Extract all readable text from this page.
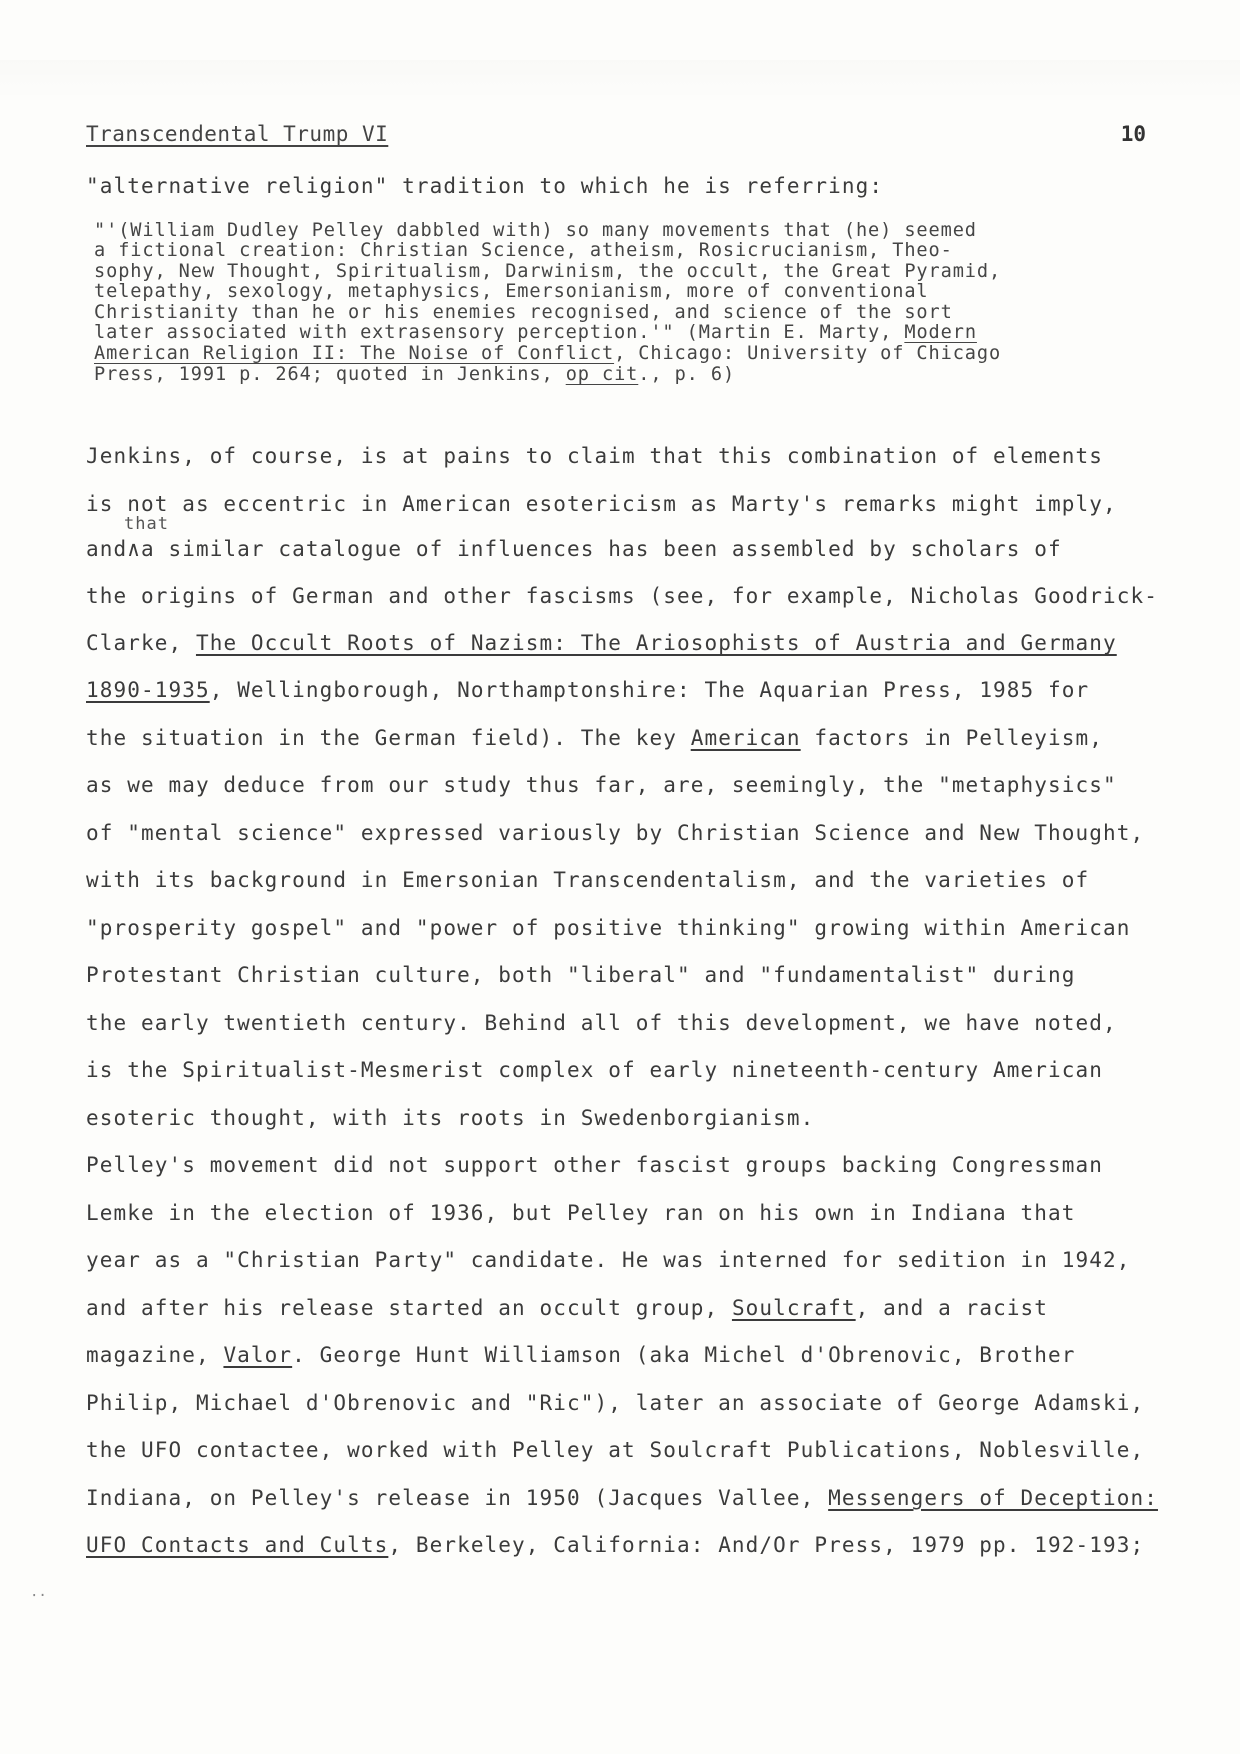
Transcendental Trump VI	10
"alternative religion" tradition to which he is referring:
"'(William Dudley Pelley dabbled with) so many movements that (he) seemed
a fictional creation: Christian Science, atheism, Rosicrucianism, Theo-
sophy, New Thought, Spiritualism, Darwinism, the occult, the Great Pyramid,
telepathy, sexology, metaphysics, Emersonianism, more of conventional
Christianity than he or his enemies recognised, and science of the sort
later associated with extrasensory perception.'" (Martin E. Marty, Modern
American Religion II: The Noise of Conflict, Chicago: University of Chicago
Press, 1991 p. 264; quoted in Jenkins, op cit., p. 6)
Jenkins, of course, is at pains to claim that this combination of elements
is not as eccentric in American esotericism as Marty's remarks might imply,
that
and∧a similar catalogue of influences has been assembled by scholars of
the origins of German and other fascisms (see, for example, Nicholas Goodrick-
Clarke, The Occult Roots of Nazism: The Ariosophists of Austria and Germany
1890-1935, Wellingborough, Northamptonshire: The Aquarian Press, 1985 for
the situation in the German field). The key American factors in Pelleyism,
as we may deduce from our study thus far, are, seemingly, the "metaphysics"
of "mental science" expressed variously by Christian Science and New Thought,
with its background in Emersonian Transcendentalism, and the varieties of
"prosperity gospel" and "power of positive thinking" growing within American
Protestant Christian culture, both "liberal" and "fundamentalist" during
the early twentieth century. Behind all of this development, we have noted,
is the Spiritualist-Mesmerist complex of early nineteenth-century American
esoteric thought, with its roots in Swedenborgianism.
Pelley's movement did not support other fascist groups backing Congressman
Lemke in the election of 1936, but Pelley ran on his own in Indiana that
year as a "Christian Party" candidate. He was interned for sedition in 1942,
and after his release started an occult group, Soulcraft, and a racist
magazine, Valor. George Hunt Williamson (aka Michel d'Obrenovic, Brother
Philip, Michael d'Obrenovic and "Ric"), later an associate of George Adamski,
the UFO contactee, worked with Pelley at Soulcraft Publications, Noblesville,
Indiana, on Pelley's release in 1950 (Jacques Vallee, Messengers of Deception:
UFO Contacts and Cults, Berkeley, California: And/Or Press, 1979 pp. 192-193;
⋅·
